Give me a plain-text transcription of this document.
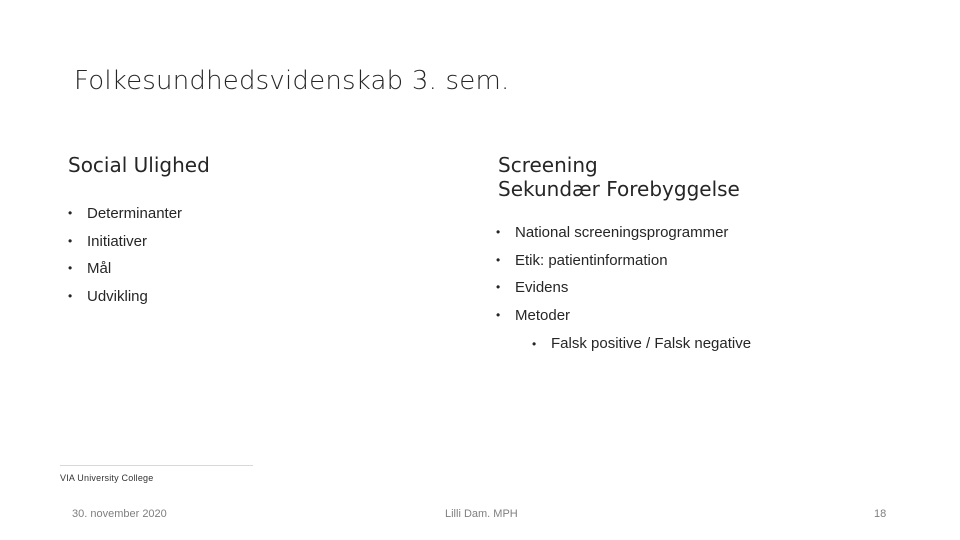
Folkesundhedsvidenskab 3. sem.
Social Ulighed
• Determinanter
• Initiativer
• Mål
• Udvikling
Screening
Sekundær Forebyggelse
• National screeningsprogrammer
• Etik: patientinformation
• Evidens
• Metoder
• Falsk positive / Falsk negative
VIA University College
30. november 2020	Lilli Dam. MPH	18
